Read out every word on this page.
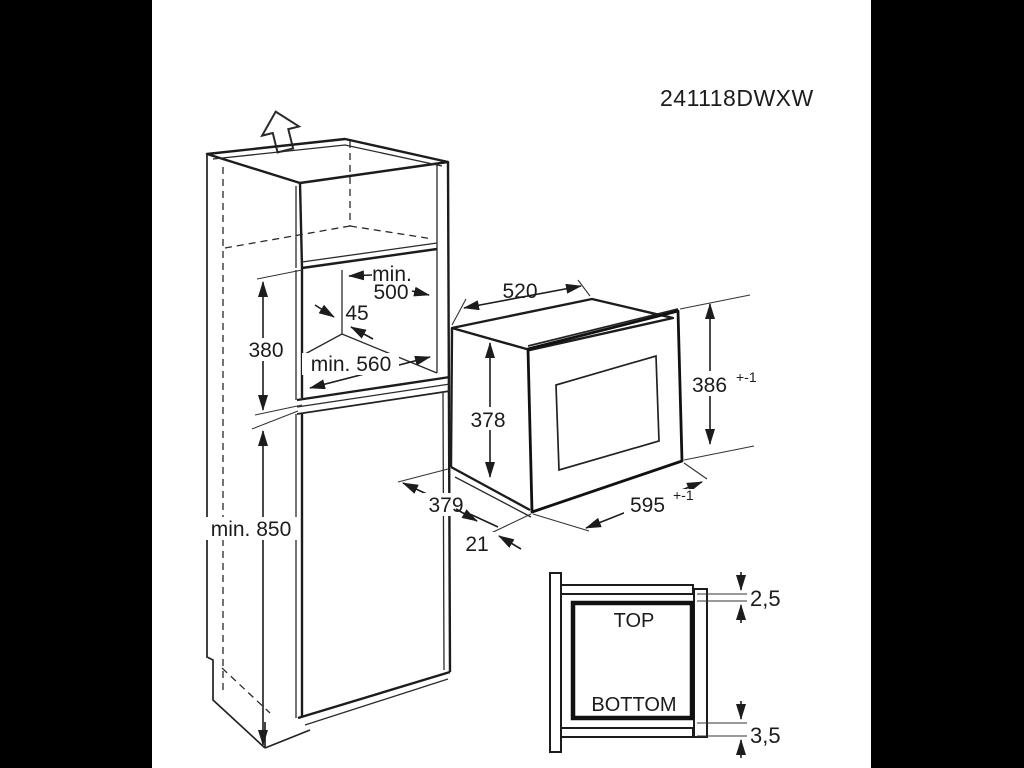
380
min. 850
min.
500
45
min. 560
520
378
386 +-1
595 +-1
379
21
TOP
BOTTOM
2,5
3,5
241118DWXW
